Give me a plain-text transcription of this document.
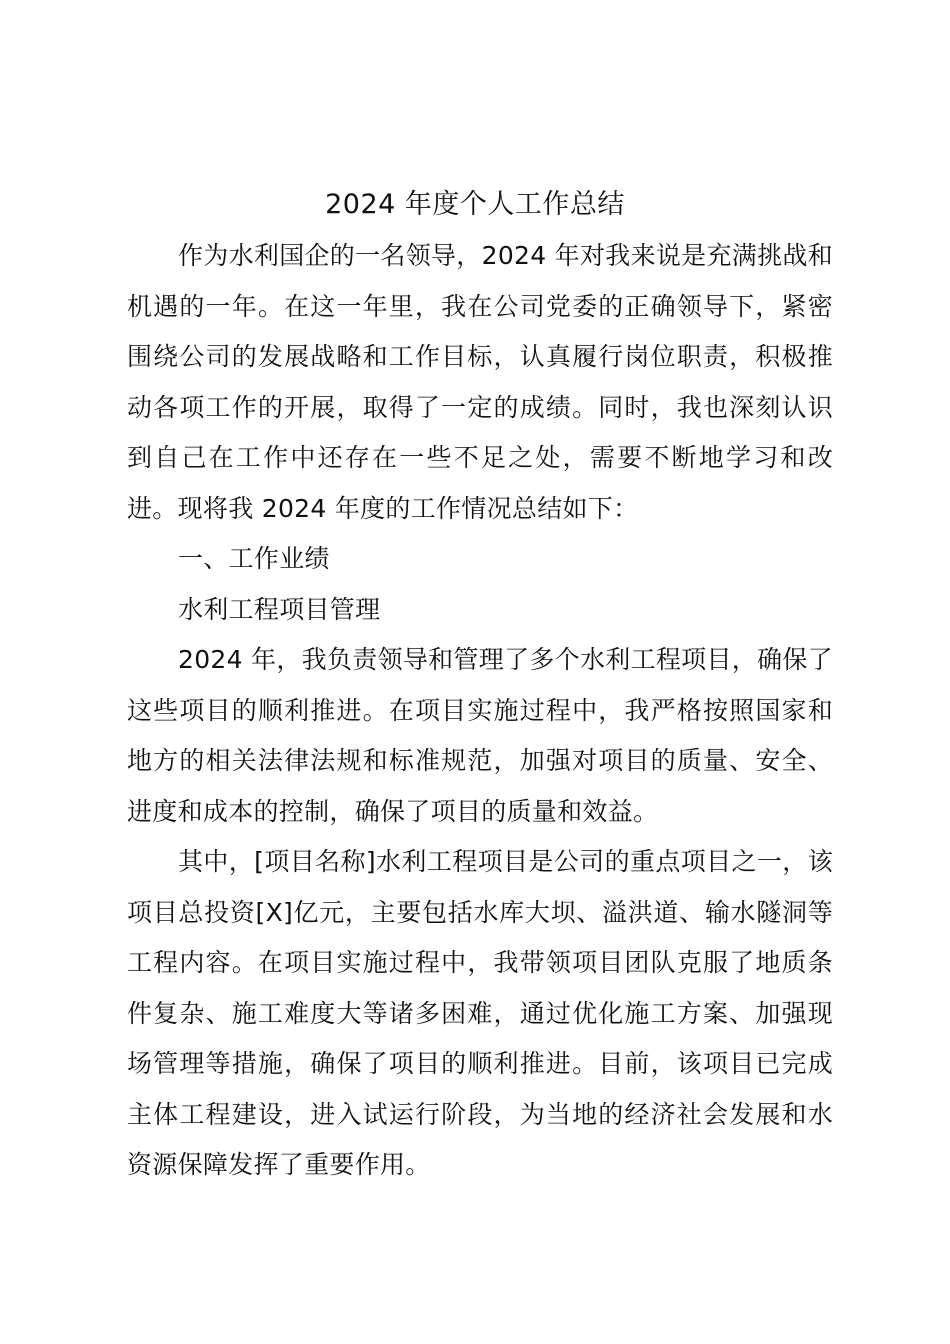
2024 年度个人工作总结

作为水利国企的一名领导，2024 年对我来说是充满挑战和机遇的一年。在这一年里，我在公司党委的正确领导下，紧密围绕公司的发展战略和工作目标，认真履行岗位职责，积极推动各项工作的开展，取得了一定的成绩。同时，我也深刻认识到自己在工作中还存在一些不足之处，需要不断地学习和改进。现将我 2024 年度的工作情况总结如下：

一、工作业绩

水利工程项目管理

2024 年，我负责领导和管理了多个水利工程项目，确保了这些项目的顺利推进。在项目实施过程中，我严格按照国家和地方的相关法律法规和标准规范，加强对项目的质量、安全、进度和成本的控制，确保了项目的质量和效益。

其中，[项目名称]水利工程项目是公司的重点项目之一，该项目总投资[X]亿元，主要包括水库大坝、溢洪道、输水隧洞等工程内容。在项目实施过程中，我带领项目团队克服了地质条件复杂、施工难度大等诸多困难，通过优化施工方案、加强现场管理等措施，确保了项目的顺利推进。目前，该项目已完成主体工程建设，进入试运行阶段，为当地的经济社会发展和水资源保障发挥了重要作用。
